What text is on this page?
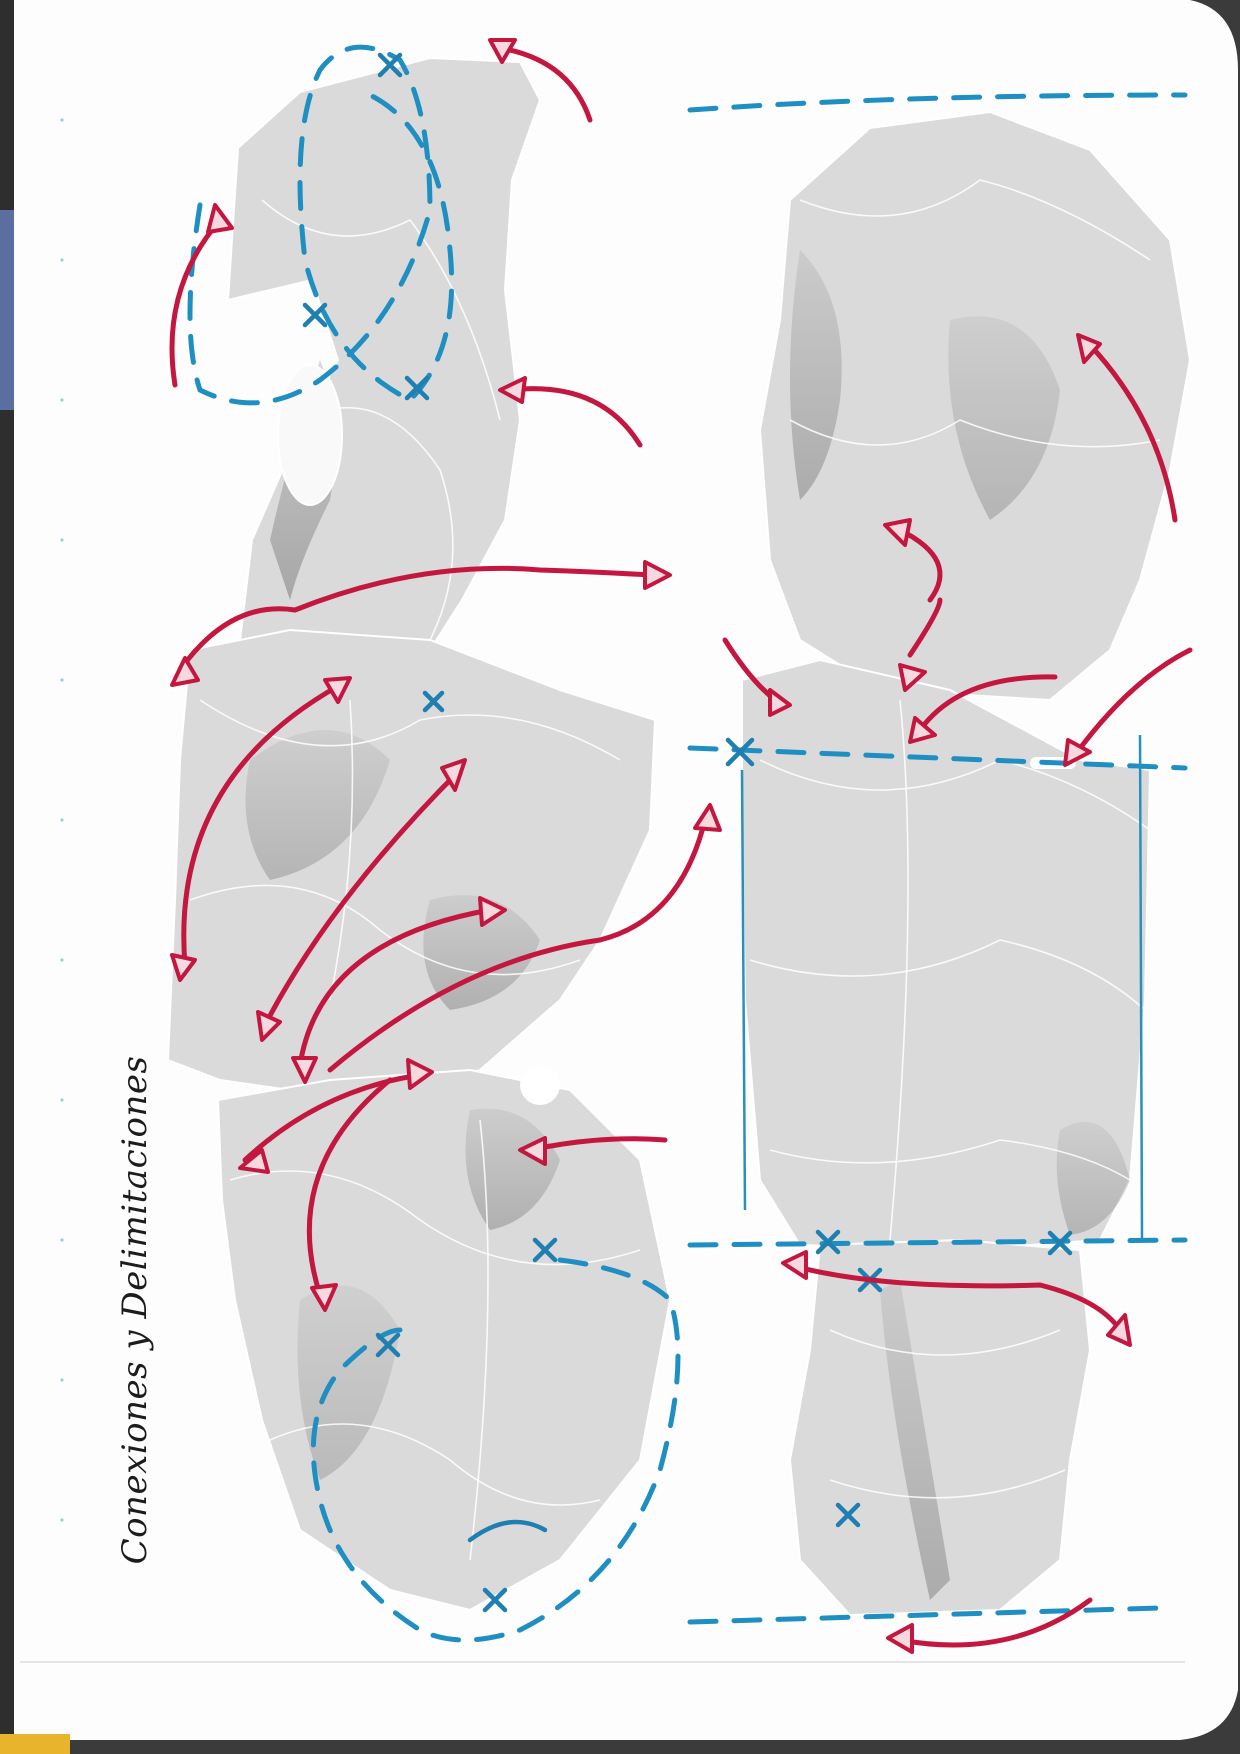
Conexiones y Delimitaciones
